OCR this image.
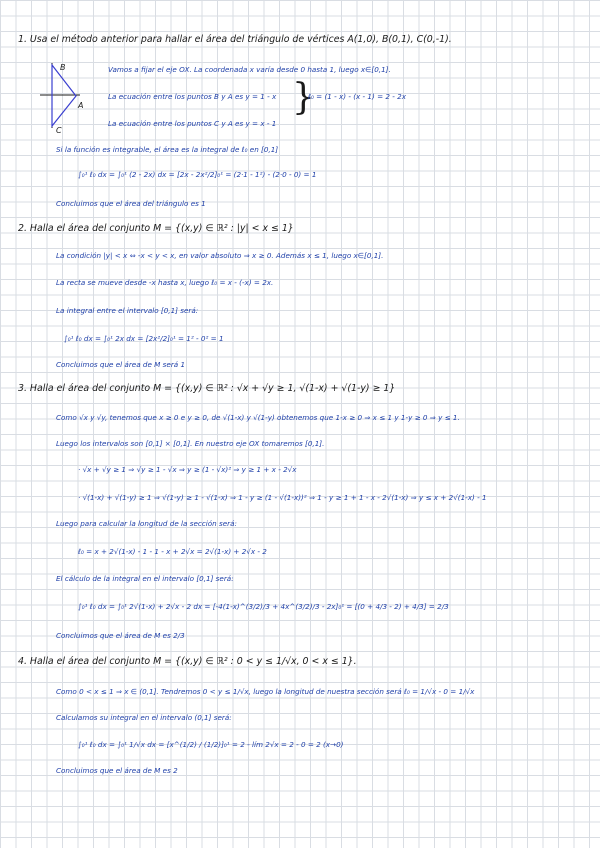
1. Usa el método anterior para hallar el área del triángulo de vértices A(1,0), B(0,1), C(0,-1).
B
A
C
Vamos a fijar el eje OX. La coordenada x varía desde 0 hasta 1, luego x∈[0,1].
La ecuación entre los puntos B y A es y = 1 - x
La ecuación entre los puntos C y A es y = x - 1
}
ℓ₀ = (1 - x) - (x - 1) = 2 - 2x
Si la función es integrable, el área es la integral de ℓ₀ en [0,1]
∫₀¹ ℓ₀ dx = ∫₀¹ (2 - 2x) dx = [2x - 2x²/2]₀¹ = (2·1 - 1²) - (2·0 - 0) = 1
Concluimos que el área del triángulo es 1
2. Halla el área del conjunto M = {(x,y) ∈ ℝ² : |y| < x ≤ 1}
La condición |y| < x ⇔ -x < y < x, en valor absoluto ⇒ x ≥ 0. Además x ≤ 1, luego x∈[0,1].
La recta se mueve desde -x hasta x, luego ℓ₀ = x - (-x) = 2x.
La integral entre el intervalo [0,1] será:
∫₀¹ ℓ₀ dx = ∫₀¹ 2x dx = [2x²/2]₀¹ = 1² - 0² = 1
Concluimos que el área de M será 1
3. Halla el área del conjunto M = {(x,y) ∈ ℝ² : √x + √y ≥ 1, √(1-x) + √(1-y) ≥ 1}
Como √x y √y, tenemos que x ≥ 0 e y ≥ 0, de √(1-x) y √(1-y) obtenemos que 1-x ≥ 0 ⇒ x ≤ 1 y 1-y ≥ 0 ⇒ y ≤ 1.
Luego los intervalos son [0,1] × [0,1]. En nuestro eje OX tomaremos [0,1].
· √x + √y ≥ 1 ⇒ √y ≥ 1 - √x ⇒ y ≥ (1 - √x)² ⇒ y ≥ 1 + x - 2√x
· √(1-x) + √(1-y) ≥ 1 ⇒ √(1-y) ≥ 1 - √(1-x) ⇒ 1 - y ≥ (1 - √(1-x))² ⇒ 1 - y ≥ 1 + 1 - x - 2√(1-x) ⇒ y ≤ x + 2√(1-x) - 1
Luego para calcular la longitud de la sección será:
ℓ₀ = x + 2√(1-x) - 1 - 1 - x + 2√x = 2√(1-x) + 2√x - 2
El cálculo de la integral en el intervalo [0,1] será:
∫₀¹ ℓ₀ dx = ∫₀¹ 2√(1-x) + 2√x - 2 dx = [-4(1-x)^(3/2)/3 + 4x^(3/2)/3 - 2x]₀¹ = [(0 + 4/3 - 2) + 4/3] = 2/3
Concluimos que el área de M es 2/3
4. Halla el área del conjunto M = {(x,y) ∈ ℝ² : 0 < y ≤ 1/√x, 0 < x ≤ 1}.
Como 0 < x ≤ 1 ⇒ x ∈ (0,1]. Tendremos 0 < y ≤ 1/√x, luego la longitud de nuestra sección será ℓ₀ = 1/√x - 0 = 1/√x
Calculamos su integral en el intervalo (0,1] será:
∫₀¹ ℓ₀ dx = ∫₀¹ 1/√x dx = [x^(1/2) / (1/2)]₀¹ = 2 - lím 2√x = 2 - 0 = 2 (x→0)
Concluimos que el área de M es 2
